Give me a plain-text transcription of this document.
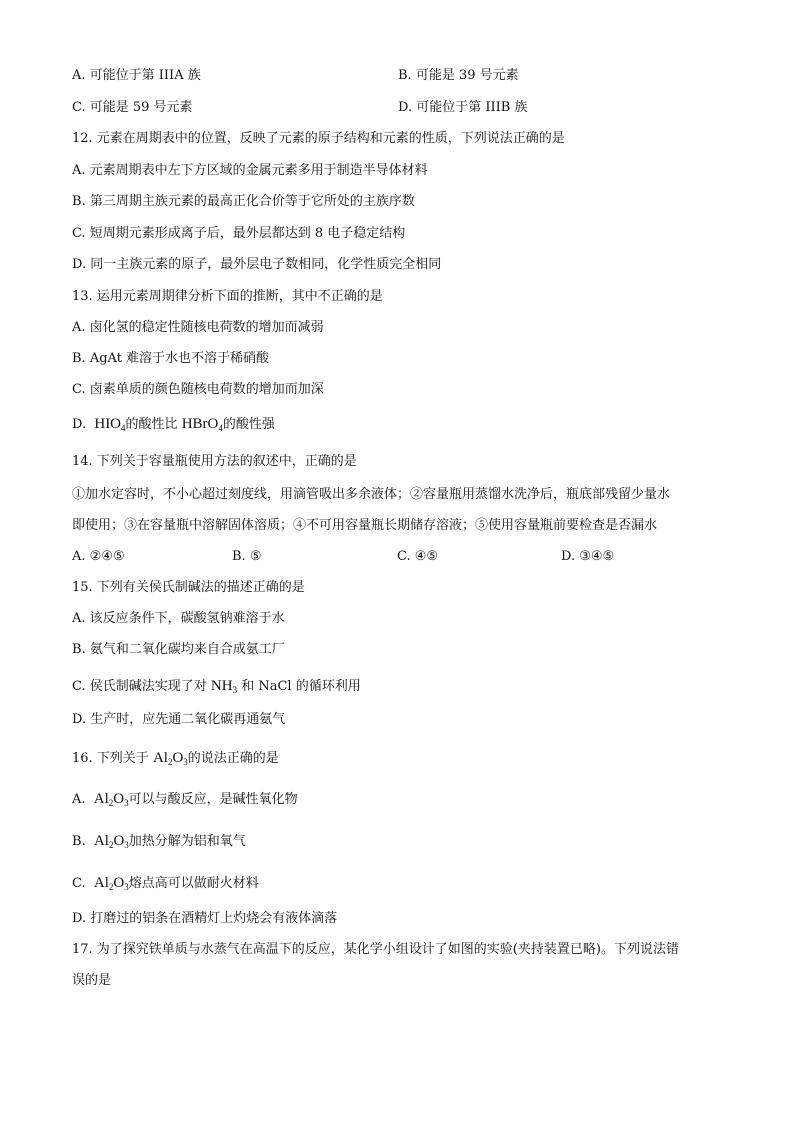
A. 可能位于第 IIIA 族	B. 可能是 39 号元素
C. 可能是 59 号元素	D. 可能位于第 IIIB 族
12. 元素在周期表中的位置，反映了元素的原子结构和元素的性质，下列说法正确的是
A. 元素周期表中左下方区域的金属元素多用于制造半导体材料
B. 第三周期主族元素的最高正化合价等于它所处的主族序数
C. 短周期元素形成离子后，最外层都达到 8 电子稳定结构
D. 同一主族元素的原子，最外层电子数相同，化学性质完全相同
13. 运用元素周期律分析下面的推断，其中不正确的是
A. 卤化氢的稳定性随核电荷数的增加而减弱
B. AgAt 难溶于水也不溶于稀硝酸
C. 卤素单质的颜色随核电荷数的增加而加深
D. $HIO_4$的酸性比 HBrO$_4$的酸性强
14. 下列关于容量瓶使用方法的叙述中，正确的是
①加水定容时，不小心超过刻度线，用滴管吸出多余液体；②容量瓶用蒸馏水洗净后，瓶底部残留少量水
即使用；③在容量瓶中溶解固体溶质；④不可用容量瓶长期储存溶液；⑤使用容量瓶前要检查是否漏水
A. ②④⑤	B. ⑤	C. ④⑤	D. ③④⑤
15. 下列有关侯氏制碱法的描述正确的是
A. 该反应条件下，碳酸氢钠难溶于水
B. 氨气和二氧化碳均来自合成氨工厂
C. 侯氏制碱法实现了对 $NH_3$ 和 NaCl 的循环利用
D. 生产时，应先通二氧化碳再通氨气
16. 下列关于 $Al_2O_3$的说法正确的是
A. $Al_2O_3$可以与酸反应，是碱性氧化物
B. $Al_2O_3$加热分解为铝和氧气
C. $Al_2O_3$熔点高可以做耐火材料
D. 打磨过的铝条在酒精灯上灼烧会有液体滴落
17. 为了探究铁单质与水蒸气在高温下的反应，某化学小组设计了如图的实验(夹持装置已略)。下列说法错
误的是
